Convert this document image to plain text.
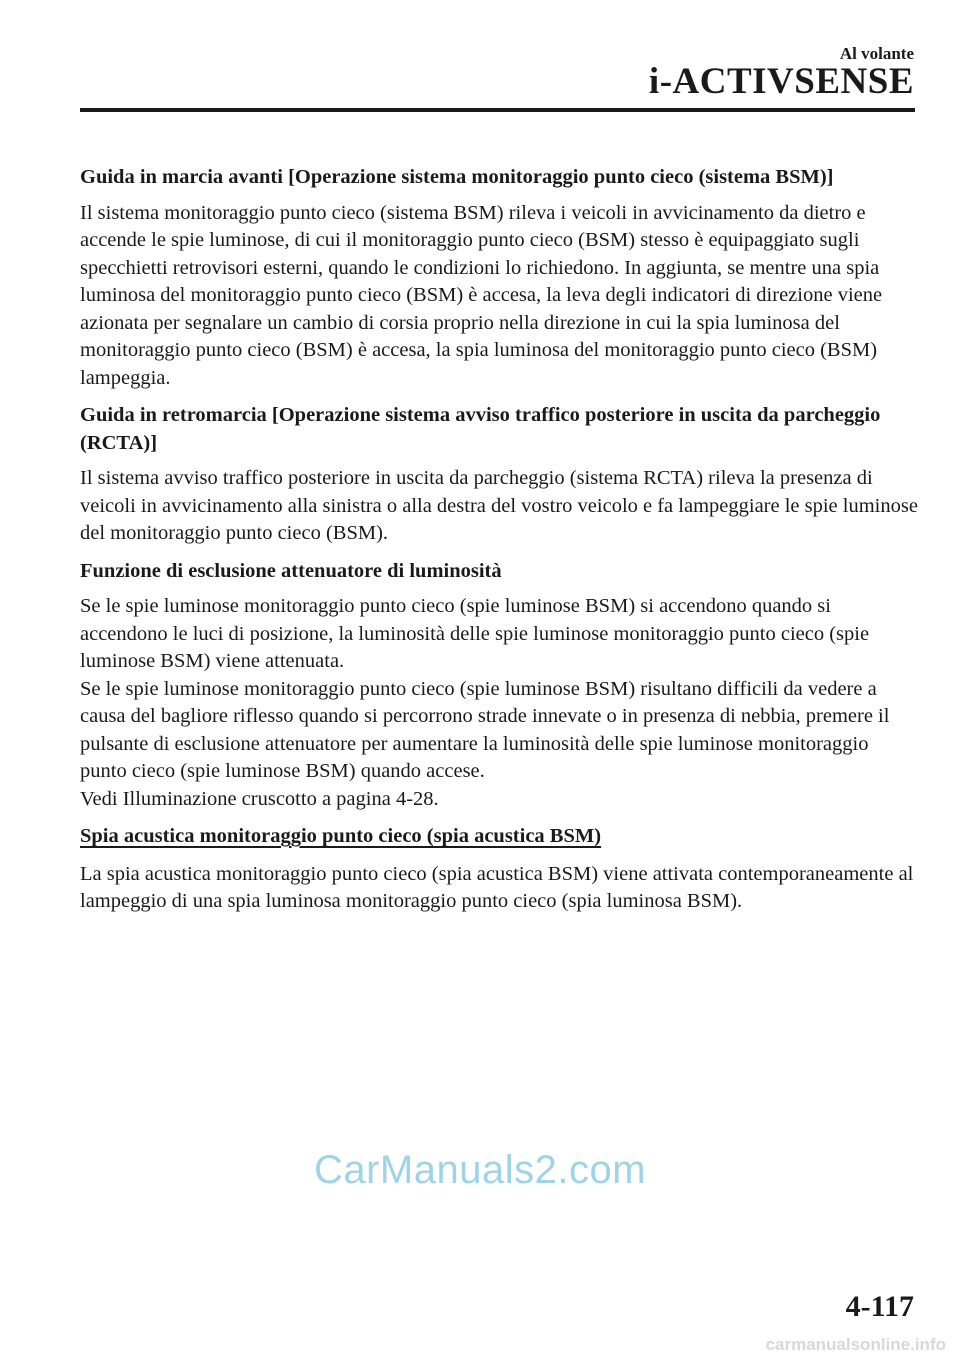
Al volante
i-ACTIVSENSE
Guida in marcia avanti [Operazione sistema monitoraggio punto cieco (sistema BSM)]

Il sistema monitoraggio punto cieco (sistema BSM) rileva i veicoli in avvicinamento da dietro e accende le spie luminose, di cui il monitoraggio punto cieco (BSM) stesso è equipaggiato sugli specchietti retrovisori esterni, quando le condizioni lo richiedono. In aggiunta, se mentre una spia luminosa del monitoraggio punto cieco (BSM) è accesa, la leva degli indicatori di direzione viene azionata per segnalare un cambio di corsia proprio nella direzione in cui la spia luminosa del monitoraggio punto cieco (BSM) è accesa, la spia luminosa del monitoraggio punto cieco (BSM) lampeggia.

Guida in retromarcia [Operazione sistema avviso traffico posteriore in uscita da parcheggio (RCTA)]

Il sistema avviso traffico posteriore in uscita da parcheggio (sistema RCTA) rileva la presenza di veicoli in avvicinamento alla sinistra o alla destra del vostro veicolo e fa lampeggiare le spie luminose del monitoraggio punto cieco (BSM).

Funzione di esclusione attenuatore di luminosità

Se le spie luminose monitoraggio punto cieco (spie luminose BSM) si accendono quando si accendono le luci di posizione, la luminosità delle spie luminose monitoraggio punto cieco (spie luminose BSM) viene attenuata.
Se le spie luminose monitoraggio punto cieco (spie luminose BSM) risultano difficili da vedere a causa del bagliore riflesso quando si percorrono strade innevate o in presenza di nebbia, premere il pulsante di esclusione attenuatore per aumentare la luminosità delle spie luminose monitoraggio punto cieco (spie luminose BSM) quando accese.
Vedi Illuminazione cruscotto a pagina 4-28.

Spia acustica monitoraggio punto cieco (spia acustica BSM)

La spia acustica monitoraggio punto cieco (spia acustica BSM) viene attivata contemporaneamente al lampeggio di una spia luminosa monitoraggio punto cieco (spia luminosa BSM).

CarManuals2.com
4-117
carmanualsonline.info
